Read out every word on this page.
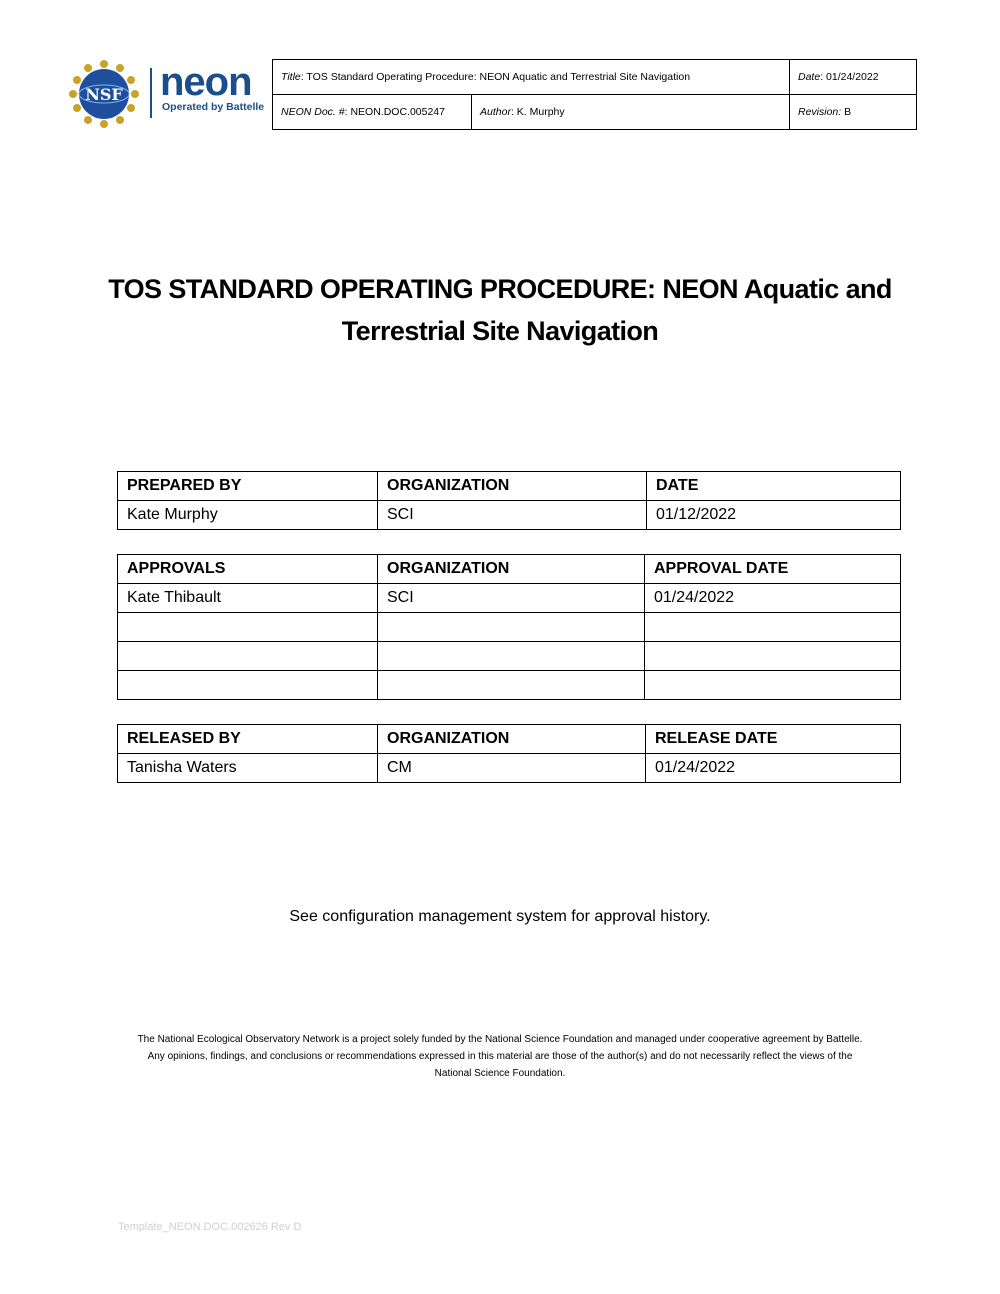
NSF neon
Operated by Battelle
Title: TOS Standard Operating Procedure: NEON Aquatic and Terrestrial Site Navigation		Date: 01/24/2022
NEON Doc. #: NEON.DOC.005247	Author: K. Murphy	Revision: B
TOS STANDARD OPERATING PROCEDURE: NEON Aquatic and Terrestrial Site Navigation
PREPARED BY	ORGANIZATION	DATE
Kate Murphy	SCI	01/12/2022
APPROVALS	ORGANIZATION	APPROVAL DATE
Kate Thibault	SCI	01/24/2022

RELEASED BY	ORGANIZATION	RELEASE DATE
Tanisha Waters	CM	01/24/2022
See configuration management system for approval history.
The National Ecological Observatory Network is a project solely funded by the National Science Foundation and managed under cooperative agreement by Battelle.
Any opinions, findings, and conclusions or recommendations expressed in this material are those of the author(s) and do not necessarily reflect the views of the
National Science Foundation.
Template_NEON.DOC.002626 Rev D
